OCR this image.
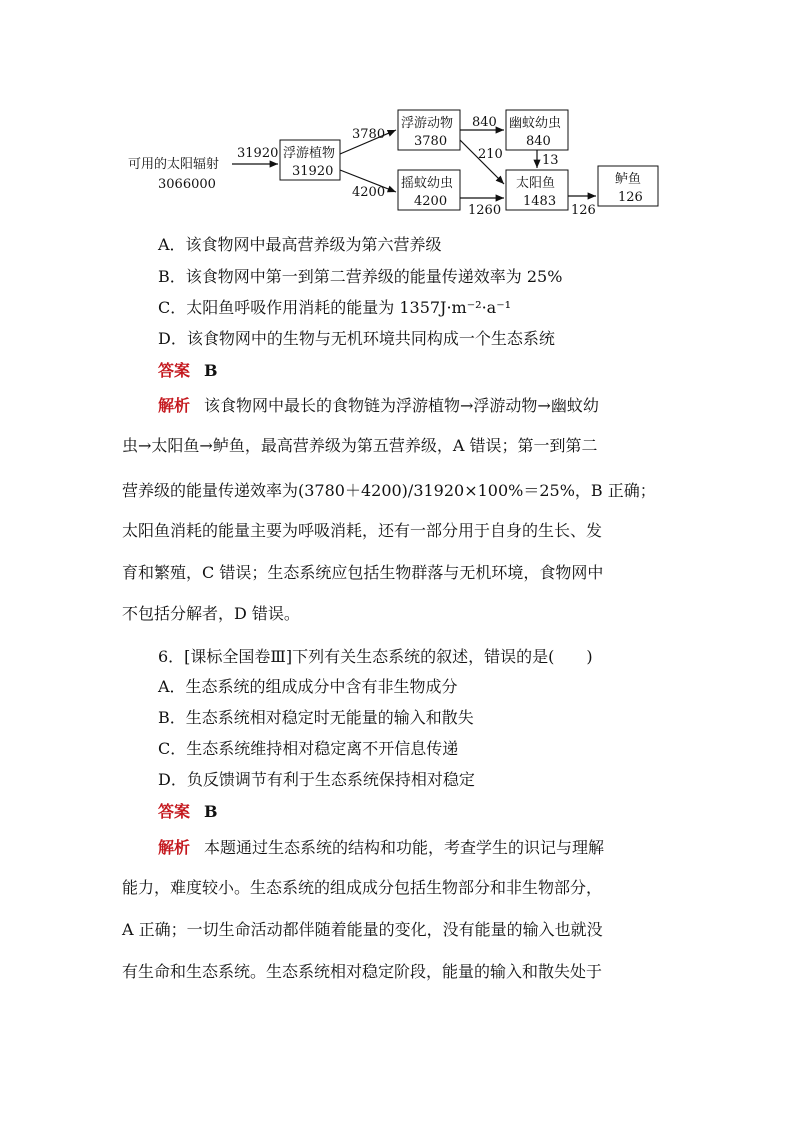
可用的太阳辐射
3066000
31920 浮游植物
31920
3780
4200
浮游动物
3780
摇蚊幼虫
4200
840
210
1260
幽蚊幼虫
840
13
太阳鱼
1483
126
鲈鱼
126
A．该食物网中最高营养级为第六营养级
B．该食物网中第一到第二营养级的能量传递效率为 25%
C．太阳鱼呼吸作用消耗的能量为 1357J·m⁻²·a⁻¹
D．该食物网中的生物与无机环境共同构成一个生态系统
答案 B
解析 该食物网中最长的食物链为浮游植物→浮游动物→幽蚊幼
虫→太阳鱼→鲈鱼，最高营养级为第五营养级，A 错误；第一到第二
营养级的能量传递效率为(3780＋4200)/31920×100%＝25%，B 正确；
太阳鱼消耗的能量主要为呼吸消耗，还有一部分用于自身的生长、发
育和繁殖，C 错误；生态系统应包括生物群落与无机环境，食物网中
不包括分解者，D 错误。
6．[课标全国卷Ⅲ]下列有关生态系统的叙述，错误的是(　　)
A．生态系统的组成成分中含有非生物成分
B．生态系统相对稳定时无能量的输入和散失
C．生态系统维持相对稳定离不开信息传递
D．负反馈调节有利于生态系统保持相对稳定
答案 B
解析 本题通过生态系统的结构和功能，考查学生的识记与理解
能力，难度较小。生态系统的组成成分包括生物部分和非生物部分，
A 正确；一切生命活动都伴随着能量的变化，没有能量的输入也就没
有生命和生态系统。生态系统相对稳定阶段，能量的输入和散失处于
